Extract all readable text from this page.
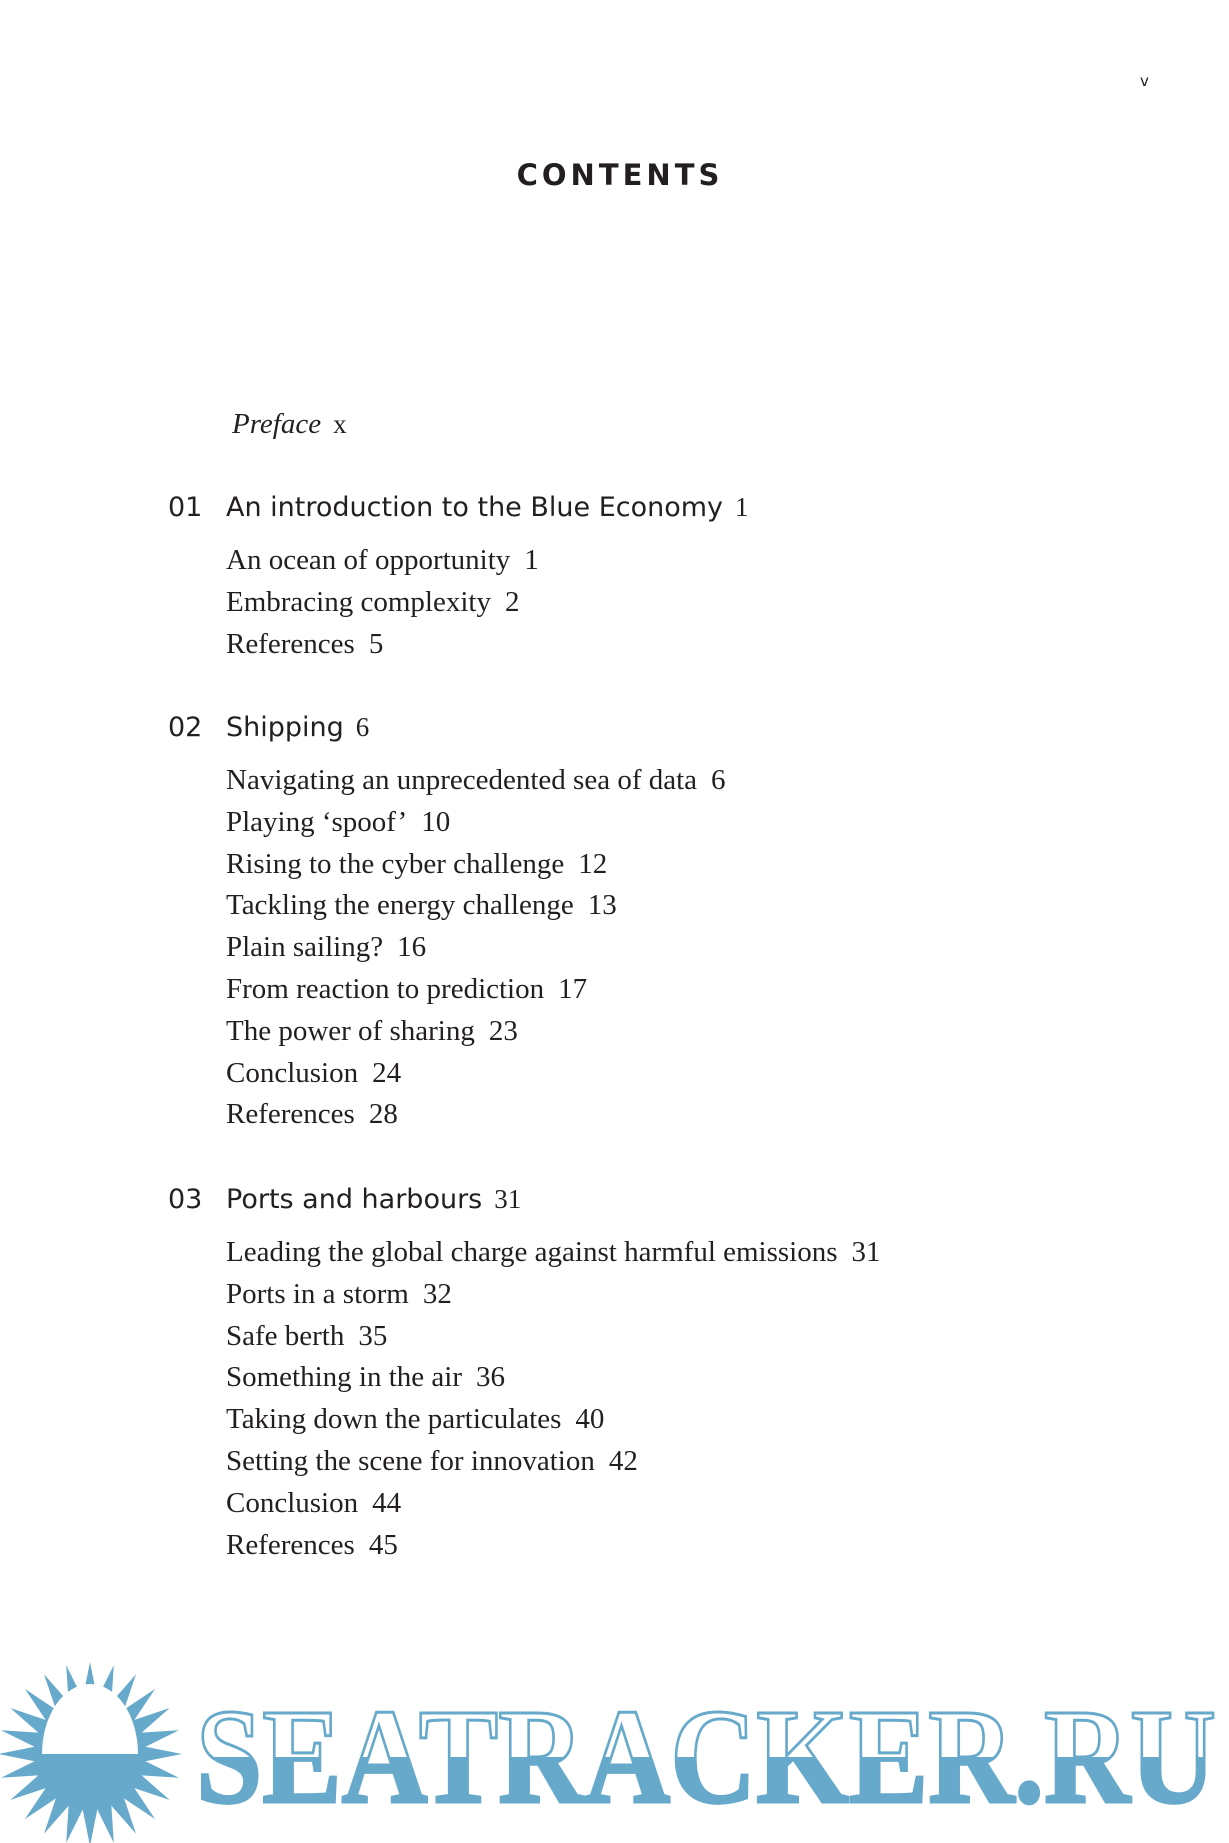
v
CONTENTS
Preface x
01 An introduction to the Blue Economy 1
An ocean of opportunity 1
Embracing complexity 2
References 5
02 Shipping 6
Navigating an unprecedented sea of data 6
Playing ‘spoof’ 10
Rising to the cyber challenge 12
Tackling the energy challenge 13
Plain sailing? 16
From reaction to prediction 17
The power of sharing 23
Conclusion 24
References 28
03 Ports and harbours 31
Leading the global charge against harmful emissions 31
Ports in a storm 32
Safe berth 35
Something in the air 36
Taking down the particulates 40
Setting the scene for innovation 42
Conclusion 44
References 45
SEATRACKER.RU
